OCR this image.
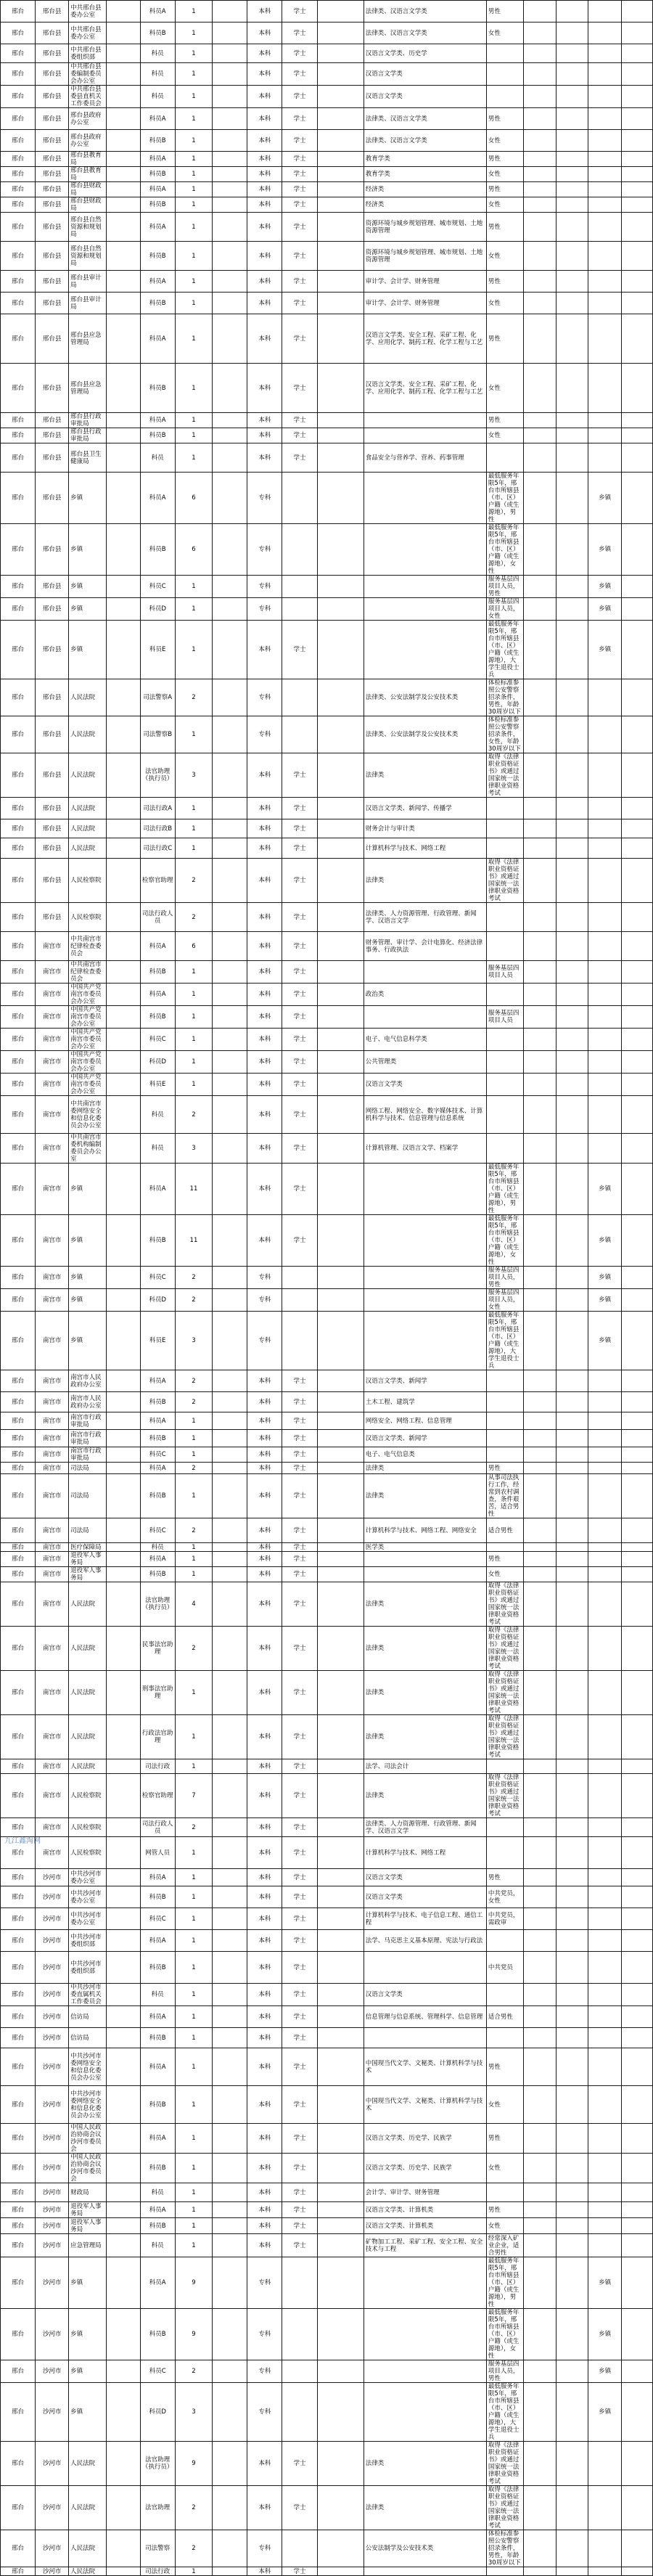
邢台	邢台县	中共邢台县委办公室		科员A	1		本科	学士		法律类、汉语言文学类	男性				
邢台	邢台县	中共邢台县委办公室		科员B	1		本科	学士		法律类、汉语言文学类	女性				
邢台	邢台县	中共邢台县委组织部		科员	1		本科	学士		汉语言文学类、历史学					
邢台	邢台县	中共邢台县委编制委员会办公室		科员	1		本科	学士		汉语言文学类					
邢台	邢台县	中共邢台县委县直机关工作委员会		科员	1		本科	学士		汉语言文学类					
邢台	邢台县	邢台县政府办公室		科员A	1		本科	学士		法律类、汉语言文学类	男性				
邢台	邢台县	邢台县政府办公室		科员B	1		本科	学士		法律类、汉语言文学类	女性				
邢台	邢台县	邢台县教育局		科员A	1		本科	学士		教育学类	男性				
邢台	邢台县	邢台县教育局		科员B	1		本科	学士		教育学类	女性				
邢台	邢台县	邢台县财政局		科员A	1		本科	学士		经济类	男性				
邢台	邢台县	邢台县财政局		科员B	1		本科	学士		经济类	女性				
邢台	邢台县	邢台县自然资源和规划局		科员A	1		本科	学士		资源环境与城乡规划管理、城市规划、土地资源管理	男性				
邢台	邢台县	邢台县自然资源和规划局		科员B	1		本科	学士		资源环境与城乡规划管理、城市规划、土地资源管理	女性				
邢台	邢台县	邢台县审计局		科员A	1		本科	学士		审计学、会计学、财务管理	男性				
邢台	邢台县	邢台县审计局		科员B	1		本科	学士		审计学、会计学、财务管理	女性				
邢台	邢台县	邢台县应急管理局		科员A	1		本科	学士		汉语言文学类、安全工程、采矿工程、化学、应用化学、制药工程、化学工程与工艺	男性				
邢台	邢台县	邢台县应急管理局		科员B	1		本科	学士		汉语言文学类、安全工程、采矿工程、化学、应用化学、制药工程、化学工程与工艺	女性				
邢台	邢台县	邢台县行政审批局		科员A	1		本科	学士			男性				
邢台	邢台县	邢台县行政审批局		科员B	1		本科	学士			女性				
邢台	邢台县	邢台县卫生健康局		科员	1		本科	学士		食品安全与营养学、营养、药事管理					
邢台	邢台县	乡镇		科员A	6		专科				最低服务年限5年，邢台市所辖县（市、区）户籍（或生源地），男性			乡镇	
邢台	邢台县	乡镇		科员B	6		专科				最低服务年限5年，邢台市所辖县（市、区）户籍（或生源地），女性			乡镇	
邢台	邢台县	乡镇		科员C	1		专科				服务基层四项目人员，男性			乡镇	
邢台	邢台县	乡镇		科员D	1		专科				服务基层四项目人员，女性			乡镇	
邢台	邢台县	乡镇		科员E	1		本科	学士			最低服务年限5年，邢台市所辖县（市、区）户籍（或生源地），大学生退役士兵			乡镇	
邢台	邢台县	人民法院		司法警察A	2		专科			法律类、公安法制学及公安技术类	体检标准参照公安警察招录条件，男性，年龄30周岁以下				
邢台	邢台县	人民法院		司法警察B	1		专科			法律类、公安法制学及公安技术类	体检标准参照公安警察招录条件，女性，年龄30周岁以下				
邢台	邢台县	人民法院		法官助理（执行员）	3		本科	学士		法律类	取得《法律职业资格证书》或通过国家统一法律职业资格考试				
邢台	邢台县	人民法院		司法行政A	1		本科	学士		汉语言文学类、新闻学、传播学					
邢台	邢台县	人民法院		司法行政B	1		本科	学士		财务会计与审计类					
邢台	邢台县	人民法院		司法行政C	1		本科	学士		计算机科学与技术、网络工程					
邢台	邢台县	人民检察院		检察官助理	2		本科	学士		法律类	取得《法律职业资格证书》或通过国家统一法律职业资格考试				
邢台	邢台县	人民检察院		司法行政人员	2		本科	学士		法律类、人力资源管理、行政管理、新闻学、汉语言文学					
邢台	南宫市	中共南宫市纪律检查委员会		科员A	6		本科	学士		财务管理、审计学、会计电算化、经济法律事务、行政执法					
邢台	南宫市	中共南宫市纪律检查委员会		科员B	1		本科	学士			服务基层四项目人员				
邢台	南宫市	中国共产党南宫市委员会办公室		科员A	1		本科	学士		政治类					
邢台	南宫市	中国共产党南宫市委员会办公室		科员B	1		本科	学士			服务基层四项目人员				
邢台	南宫市	中国共产党南宫市委员会办公室		科员C	1		本科	学士		电子、电气信息科学类					
邢台	南宫市	中国共产党南宫市委员会办公室		科员D	1		本科	学士		公共管理类					
邢台	南宫市	中国共产党南宫市委员会办公室		科员E	1		本科	学士		汉语言文学类					
邢台	南宫市	中共南宫市委网络安全和信息化委员会办公室		科员	2		本科	学士		网络工程、网络安全、数字媒体技术、计算机科学与技术、信息管理与信息系统					
邢台	南宫市	中共南宫市委机构编制委员会办公室		科员	3		本科	学士		计算机管理、汉语言文学、档案学					
邢台	南宫市	乡镇		科员A	11		本科	学士			最低服务年限5年，邢台市所辖县（市、区）户籍（或生源地），男性			乡镇	
邢台	南宫市	乡镇		科员B	11		本科	学士			最低服务年限5年，邢台市所辖县（市、区）户籍（或生源地），女性			乡镇	
邢台	南宫市	乡镇		科员C	2		专科				服务基层四项目人员，男性			乡镇	
邢台	南宫市	乡镇		科员D	2		专科				服务基层四项目人员，女性			乡镇	
邢台	南宫市	乡镇		科员E	3		专科				最低服务年限5年，邢台市所辖县（市、区）户籍（或生源地），大学生退役士兵			乡镇	
邢台	南宫市	南宫市人民政府办公室		科员A	2		本科	学士		汉语言文学类、新闻学					
邢台	南宫市	南宫市人民政府办公室		科员B	2		本科	学士		土木工程、建筑学					
邢台	南宫市	南宫市行政审批局		科员A	1		本科	学士		网络安全、网络工程、信息管理					
邢台	南宫市	南宫市行政审批局		科员B	1		本科	学士		汉语言文学类、新闻学					
邢台	南宫市	南宫市行政审批局		科员C	1		本科	学士		电子、电气信息类					
邢台	南宫市	司法局		科员A	2		本科	学士		法律类	男性				
邢台	南宫市	司法局		科员B	1		本科	学士		法律类	从事司法执行工作，经常到农村调查，条件艰苦，适合男性				
邢台	南宫市	司法局		科员C	2		本科	学士		计算机科学与技术、网络工程、网络安全	适合男性				
邢台	南宫市	医疗保障局		科员	1		本科	学士		医学类					
邢台	南宫市	退役军人事务局		科员A	1		本科	学士			男性				
邢台	南宫市	退役军人事务局		科员B	1		本科	学士			女性				
邢台	南宫市	人民法院		法官助理（执行员）	4		本科	学士		法律类	取得《法律职业资格证书》或通过国家统一法律职业资格考试				
邢台	南宫市	人民法院		民事法官助理	2		本科	学士		法律类	取得《法律职业资格证书》或通过国家统一法律职业资格考试				
邢台	南宫市	人民法院		刑事法官助理	1		本科	学士		法律类	取得《法律职业资格证书》或通过国家统一法律职业资格考试				
邢台	南宫市	人民法院		行政法官助理	1		本科	学士		法律类	取得《法律职业资格证书》或通过国家统一法律职业资格考试				
邢台	南宫市	人民法院		司法行政	1		本科	学士		法学、司法会计					
邢台	南宫市	人民检察院		检察官助理	7		本科	学士		法律类	取得《法律职业资格证书》或通过国家统一法律职业资格考试				
邢台	南宫市	人民检察院		司法行政人员	2		本科	学士		法律类、人力资源管理、行政管理、新闻学、汉语言文学					
邢台	南宫市	人民检察院		网管人员	1		本科	学士		计算机科学与技术、网络工程					
邢台	沙河市	中共沙河市委办公室		科员A	1		本科	学士		汉语言文学类	男性				
邢台	沙河市	中共沙河市委办公室		科员B	1		本科	学士		汉语言文学类	中共党员，女性				
邢台	沙河市	中共沙河市委办公室		科员C	1		本科	学士		计算机科学与技术、电子信息工程、通信工程	中共党员，需政审				
邢台	沙河市	中共沙河市委组织部		科员A	1		本科	学士		法学、马克思主义基本原理、宪法与行政法					
邢台	沙河市	中共沙河市委组织部		科员B	1		本科	学士			中共党员				
邢台	沙河市	中共沙河市委直属机关工作委员会		科员	1		本科	学士		汉语言文学类					
邢台	沙河市	信访局		科员A	1		本科	学士		信息管理与信息系统、管理科学、信息管理	适合男性				
邢台	沙河市	信访局		科员B	1		本科	学士							
邢台	沙河市	中共沙河市委网络安全和信息化委员会办公室		科员A	1		本科	学士		中国现当代文学、文秘类、计算机科学与技术	男性				
邢台	沙河市	中共沙河市委网络安全和信息化委员会办公室		科员B	1		本科	学士		中国现当代文学、文秘类、计算机科学与技术	女性				
邢台	沙河市	中国人民政治协商会议沙河市委员会		科员A	1		本科	学士		汉语言文学类、历史学、民族学	男性				
邢台	沙河市	中国人民政治协商会议沙河市委员会		科员B	1		本科	学士		汉语言文学类、历史学、民族学	女性				
邢台	沙河市	财政局		科员	1		本科	学士		会计学、审计学、财务管理					
邢台	沙河市	退役军人事务局		科员A	1		本科	学士		汉语言文学类、计算机类	男性				
邢台	沙河市	退役军人事务局		科员B	1		本科	学士		汉语言文学类、计算机类	女性				
邢台	沙河市	应急管理局		科员	1		本科	学士		矿物加工工程、采矿工程、安全工程、安全技术与工程	经常深入矿业企业，适合男性				
邢台	沙河市	乡镇		科员A	9		专科				最低服务年限5年，邢台市所辖县（市、区）户籍（或生源地），男性			乡镇	
邢台	沙河市	乡镇		科员B	9		专科				最低服务年限5年，邢台市所辖县（市、区）户籍（或生源地），女性			乡镇	
邢台	沙河市	乡镇		科员C	2		专科				服务基层四项目人员，男性			乡镇	
邢台	沙河市	乡镇		科员D	3		专科				最低服务年限5年，邢台市所辖县（市、区）户籍（或生源地），大学生退役士兵			乡镇	
邢台	沙河市	人民法院		法官助理（执行员）	9		本科	学士		法律类	取得《法律职业资格证书》或通过国家统一法律职业资格考试				
邢台	沙河市	人民法院		法官助理	2		本科	学士		法律类	取得《法律职业资格证书》或通过国家统一法律职业资格考试				
邢台	沙河市	人民法院		司法警察	2		专科			公安法制学及公安技术类	体检标准参照公安警察招录条件，男性，年龄30周岁以下				
邢台	沙河市	人民法院		司法行政	1		本科	学士							
九江鑫淘网
